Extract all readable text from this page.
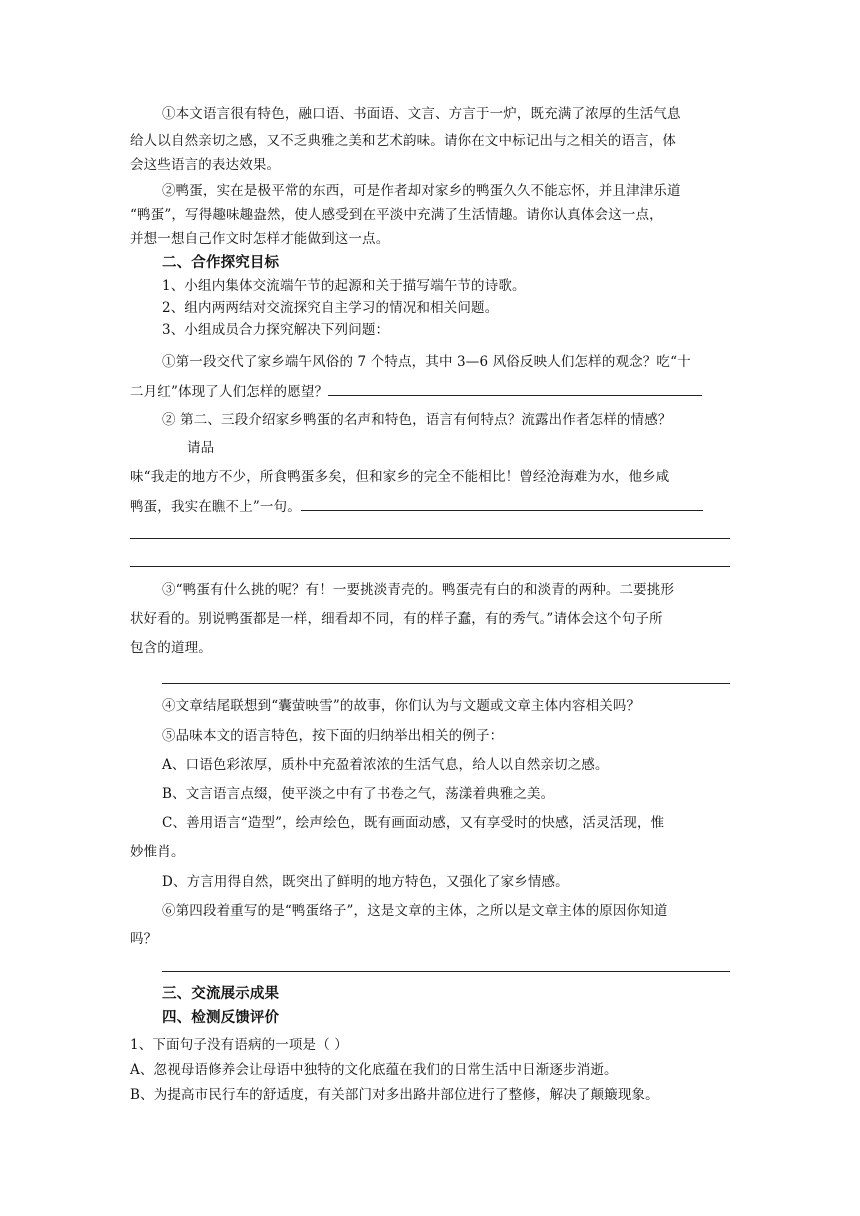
①本文语言很有特色，融口语、书面语、文言、方言于一炉，既充满了浓厚的生活气息
给人以自然亲切之感，又不乏典雅之美和艺术韵味。请你在文中标记出与之相关的语言，体
会这些语言的表达效果。
②鸭蛋，实在是极平常的东西，可是作者却对家乡的鸭蛋久久不能忘怀，并且津津乐道
“鸭蛋”，写得趣味趣盎然，使人感受到在平淡中充满了生活情趣。请你认真体会这一点，
并想一想自己作文时怎样才能做到这一点。
二、合作探究目标
1、小组内集体交流端午节的起源和关于描写端午节的诗歌。
2、组内两两结对交流探究自主学习的情况和相关问题。
3、小组成员合力探究解决下列问题：
①第一段交代了家乡端午风俗的 7 个特点，其中 3—6 风俗反映人们怎样的观念？吃“十
二月红”体现了人们怎样的愿望？
② 第二、三段介绍家乡鸭蛋的名声和特色，语言有何特点？流露出作者怎样的情感？
请品
味“我走的地方不少，所食鸭蛋多矣，但和家乡的完全不能相比！曾经沧海难为水，他乡咸
鸭蛋，我实在瞧不上”一句。
③“鸭蛋有什么挑的呢？有！一要挑淡青壳的。鸭蛋壳有白的和淡青的两种。二要挑形
状好看的。别说鸭蛋都是一样，细看却不同，有的样子蠢，有的秀气。”请体会这个句子所
包含的道理。
④文章结尾联想到“囊萤映雪”的故事，你们认为与文题或文章主体内容相关吗？
⑤品味本文的语言特色，按下面的归纳举出相关的例子：
A、口语色彩浓厚，质朴中充盈着浓浓的生活气息，给人以自然亲切之感。
B、文言语言点缀，使平淡之中有了书卷之气，荡漾着典雅之美。
C、善用语言“造型”，绘声绘色，既有画面动感，又有享受时的快感，活灵活现，惟
妙惟肖。
D、方言用得自然，既突出了鲜明的地方特色，又强化了家乡情感。
⑥第四段着重写的是“鸭蛋络子”，这是文章的主体，之所以是文章主体的原因你知道
吗？
三、交流展示成果
四、检测反馈评价
1、下面句子没有语病的一项是（ ）
A、忽视母语修养会让母语中独特的文化底蕴在我们的日常生活中日渐逐步消逝。
B、为提高市民行车的舒适度，有关部门对多出路井部位进行了整修，解决了颠簸现象。
